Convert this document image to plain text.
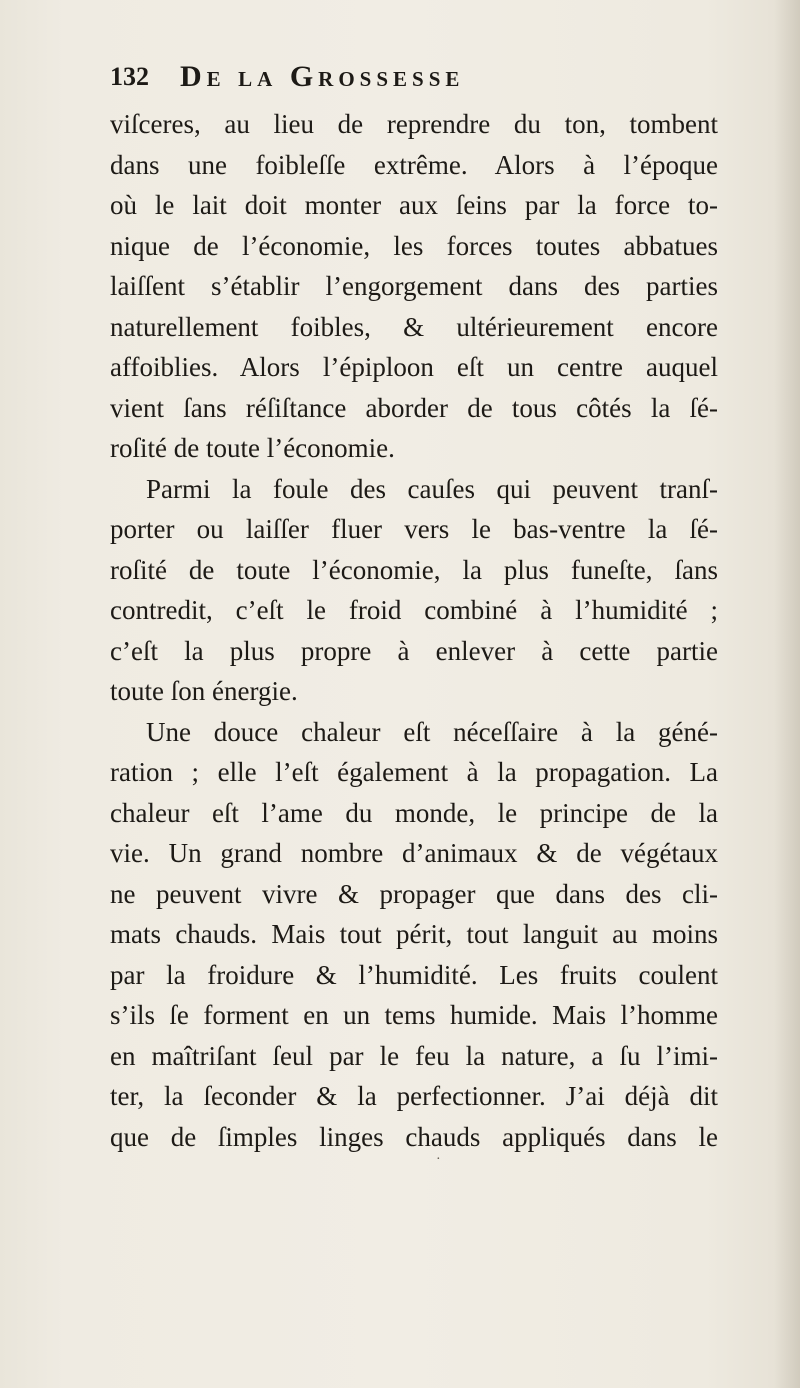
132 De la Grossesse
viſceres, au lieu de reprendre du ton, tombent
dans une foibleſſe extrême. Alors à l’époque
où le lait doit monter aux ſeins par la force to-
nique de l’économie, les forces toutes abbatues
laiſſent s’établir l’engorgement dans des parties
naturellement foibles, & ultérieurement encore
affoiblies. Alors l’épiploon eſt un centre auquel
vient ſans réſiſtance aborder de tous côtés la ſé-
roſité de toute l’économie.
Parmi la foule des cauſes qui peuvent tranſ-
porter ou laiſſer fluer vers le bas-ventre la ſé-
roſité de toute l’économie, la plus funeſte, ſans
contredit, c’eſt le froid combiné à l’humidité ;
c’eſt la plus propre à enlever à cette partie
toute ſon énergie.
Une douce chaleur eſt néceſſaire à la géné-
ration ; elle l’eſt également à la propagation. La
chaleur eſt l’ame du monde, le principe de la
vie. Un grand nombre d’animaux & de végétaux
ne peuvent vivre & propager que dans des cli-
mats chauds. Mais tout périt, tout languit au moins
par la froidure & l’humidité. Les fruits coulent
s’ils ſe forment en un tems humide. Mais l’homme
en maîtriſant ſeul par le feu la nature, a ſu l’imi-
ter, la ſeconder & la perfectionner. J’ai déjà dit
que de ſimples linges chauds appliqués dans le
·
